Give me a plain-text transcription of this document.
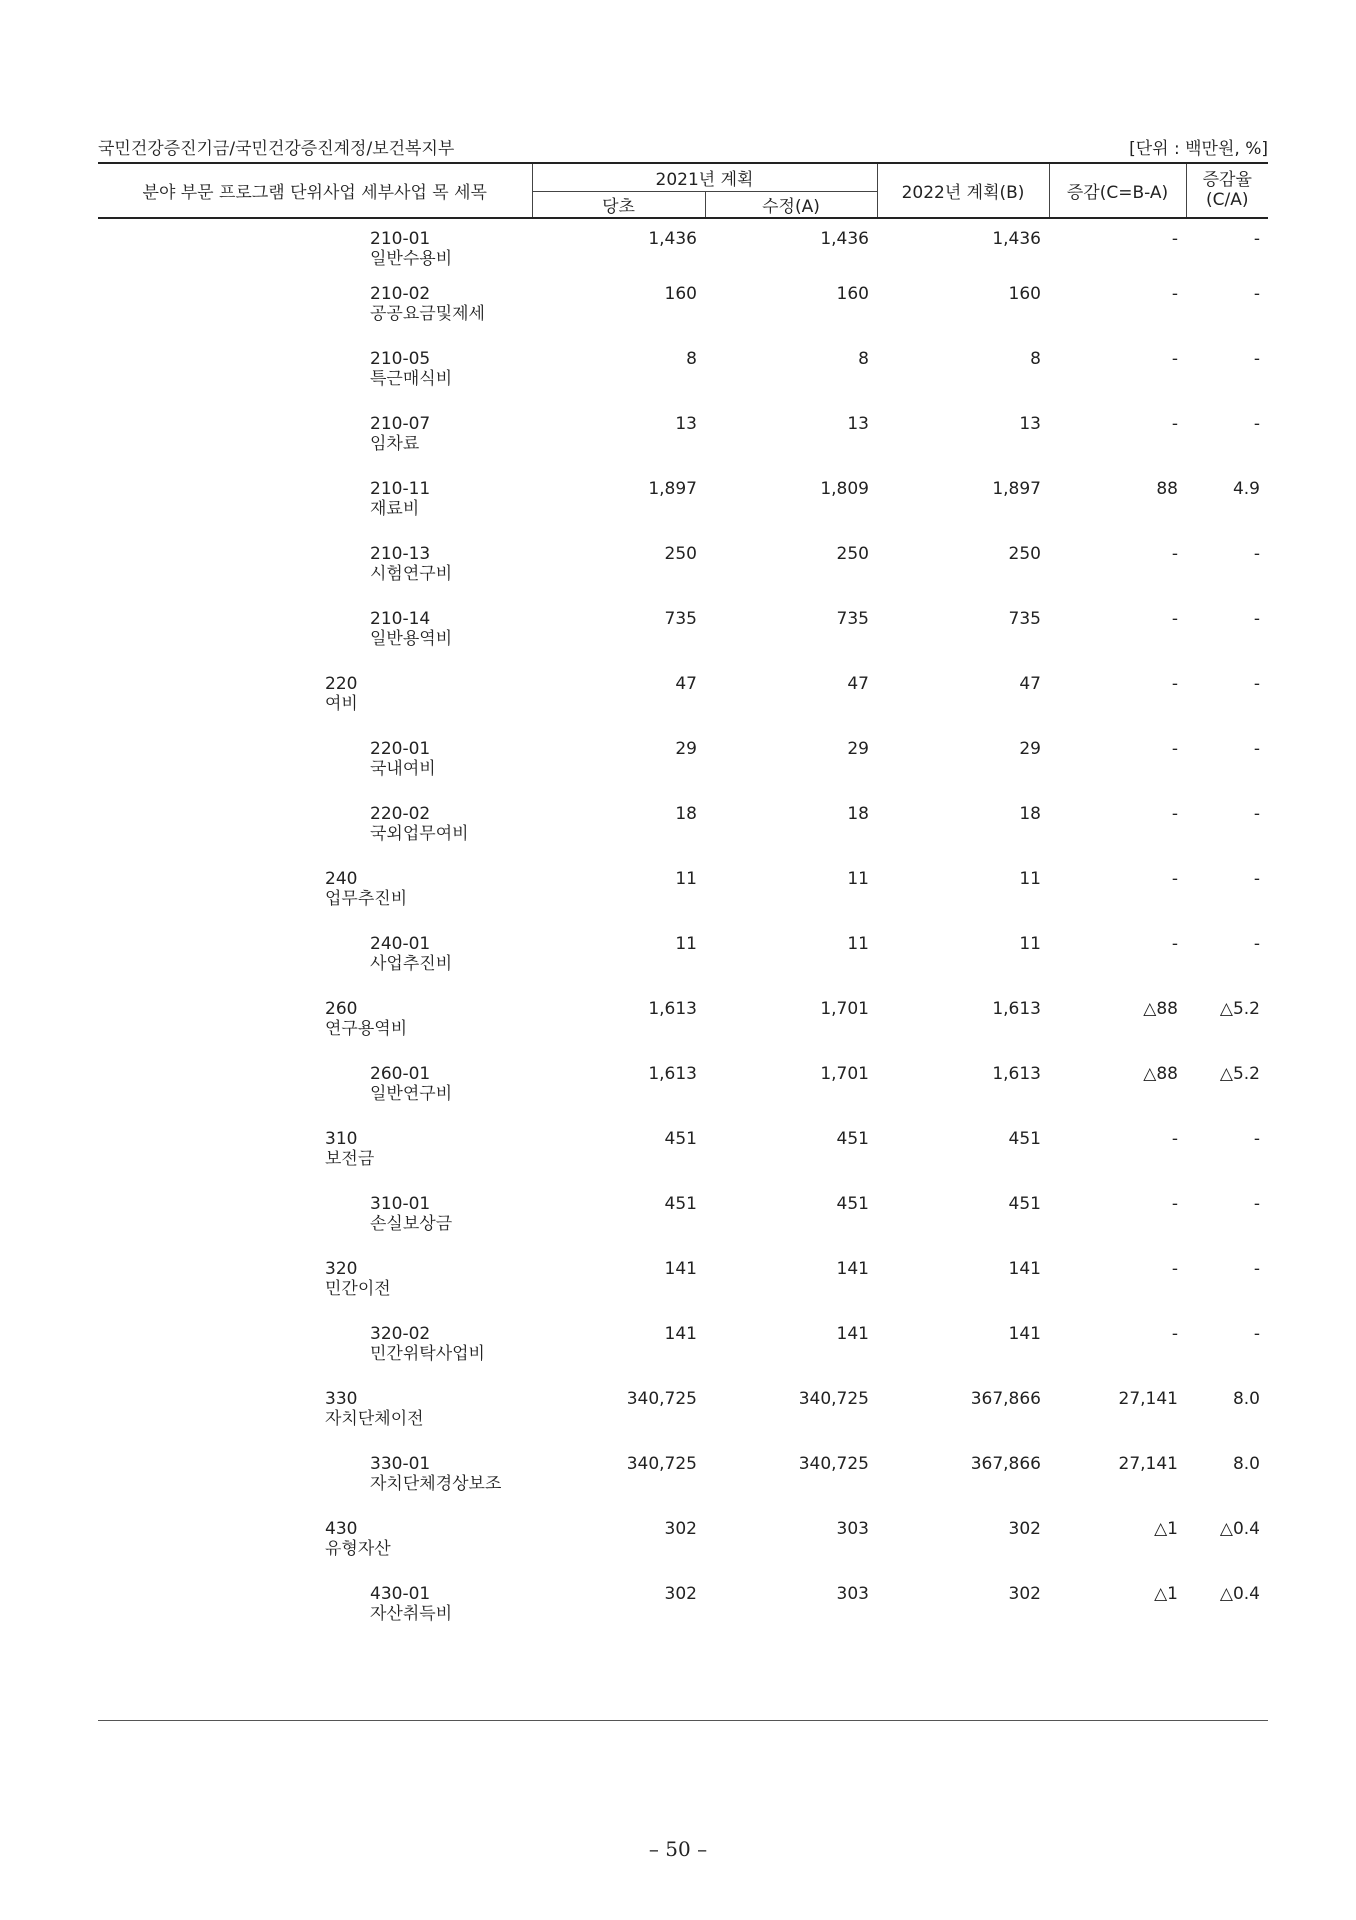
국민건강증진기금/국민건강증진계정/보건복지부	[단위 : 백만원, %]
분야 부문 프로그램 단위사업 세부사업 목 세목	2021년 계획		2022년 계획(B)	증감(C=B-A)	증감율
(C/A)
	당초	수정(A)			

210-01
일반수용비	1,436	1,436	1,436	-	-

210-02
공공요금및제세	160	160	160	-	-

210-05
특근매식비	8	8	8	-	-

210-07
임차료	13	13	13	-	-

210-11
재료비	1,897	1,809	1,897	88	4.9

210-13
시험연구비	250	250	250	-	-

210-14
일반용역비	735	735	735	-	-

220
여비	47	47	47	-	-

220-01
국내여비	29	29	29	-	-

220-02
국외업무여비	18	18	18	-	-

240
업무추진비	11	11	11	-	-

240-01
사업추진비	11	11	11	-	-

260
연구용역비	1,613	1,701	1,613	△88	△5.2

260-01
일반연구비	1,613	1,701	1,613	△88	△5.2

310
보전금	451	451	451	-	-

310-01
손실보상금	451	451	451	-	-

320
민간이전	141	141	141	-	-

320-02
민간위탁사업비	141	141	141	-	-

330
자치단체이전	340,725	340,725	367,866	27,141	8.0

330-01
자치단체경상보조	340,725	340,725	367,866	27,141	8.0

430
유형자산	302	303	302	△1	△0.4

430-01
자산취득비	302	303	302	△1	△0.4
– 50 –
